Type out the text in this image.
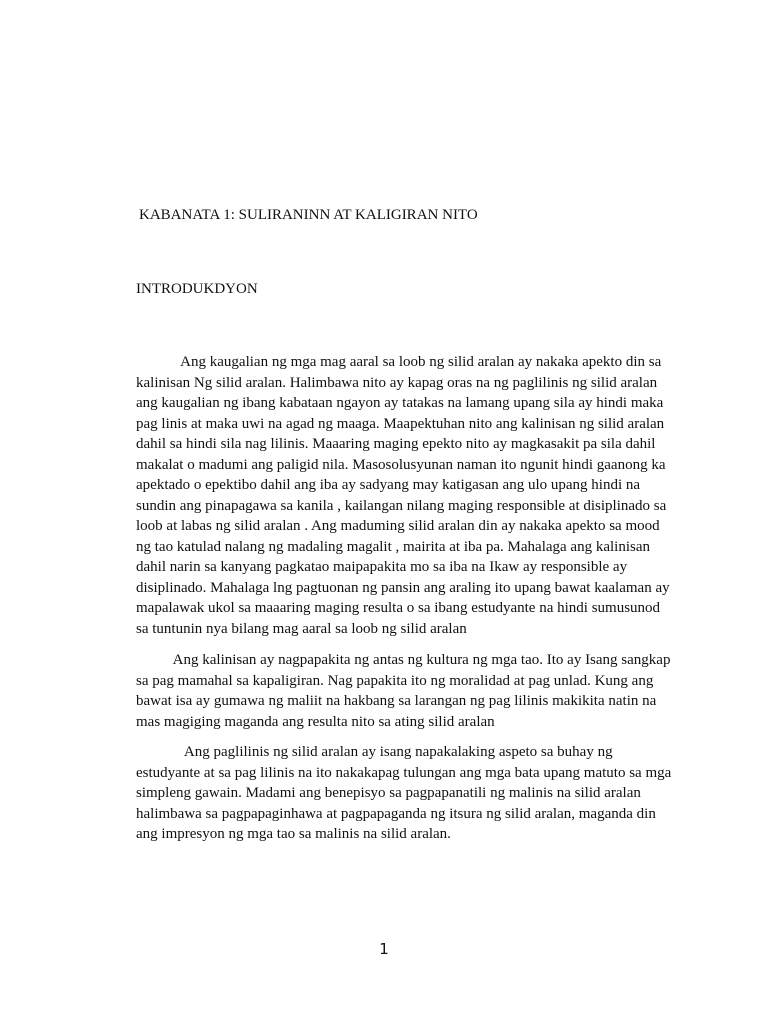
KABANATA 1: SULIRANINN AT KALIGIRAN NITO
INTRODUKDYON

Ang kaugalian ng mga mag aaral sa loob ng silid aralan ay nakaka apekto din sa
kalinisan Ng silid aralan. Halimbawa nito ay kapag oras na ng paglilinis ng silid aralan
ang kaugalian ng ibang kabataan ngayon ay tatakas na lamang upang sila ay hindi maka
pag linis at maka uwi na agad ng maaga. Maapektuhan nito ang kalinisan ng silid aralan
dahil sa hindi sila nag lilinis. Maaaring maging epekto nito ay magkasakit pa sila dahil
makalat o madumi ang paligid nila. Masosolusyunan naman ito ngunit hindi gaanong ka
apektado o epektibo dahil ang iba ay sadyang may katigasan ang ulo upang hindi na
sundin ang pinapagawa sa kanila , kailangan nilang maging responsible at disiplinado sa
loob at labas ng silid aralan . Ang maduming silid aralan din ay nakaka apekto sa mood
ng tao katulad nalang ng madaling magalit , mairita at iba pa. Mahalaga ang kalinisan
dahil narin sa kanyang pagkatao maipapakita mo sa iba na Ikaw ay responsible ay
disiplinado. Mahalaga lng pagtuonan ng pansin ang araling ito upang bawat kaalaman ay
mapalawak ukol sa maaaring maging resulta o sa ibang estudyante na hindi sumusunod
sa tuntunin nya bilang mag aaral sa loob ng silid aralan

Ang kalinisan ay nagpapakita ng antas ng kultura ng mga tao. Ito ay Isang sangkap
sa pag mamahal sa kapaligiran. Nag papakita ito ng moralidad at pag unlad. Kung ang
bawat isa ay gumawa ng maliit na hakbang sa larangan ng pag lilinis makikita natin na
mas magiging maganda ang resulta nito sa ating silid aralan

Ang paglilinis ng silid aralan ay isang napakalaking aspeto sa buhay ng
estudyante at sa pag lilinis na ito nakakapag tulungan ang mga bata upang matuto sa mga
simpleng gawain. Madami ang benepisyo sa pagpapanatili ng malinis na silid aralan
halimbawa sa pagpapaginhawa at pagpapaganda ng itsura ng silid aralan, maganda din
ang impresyon ng mga tao sa malinis na silid aralan.

1
